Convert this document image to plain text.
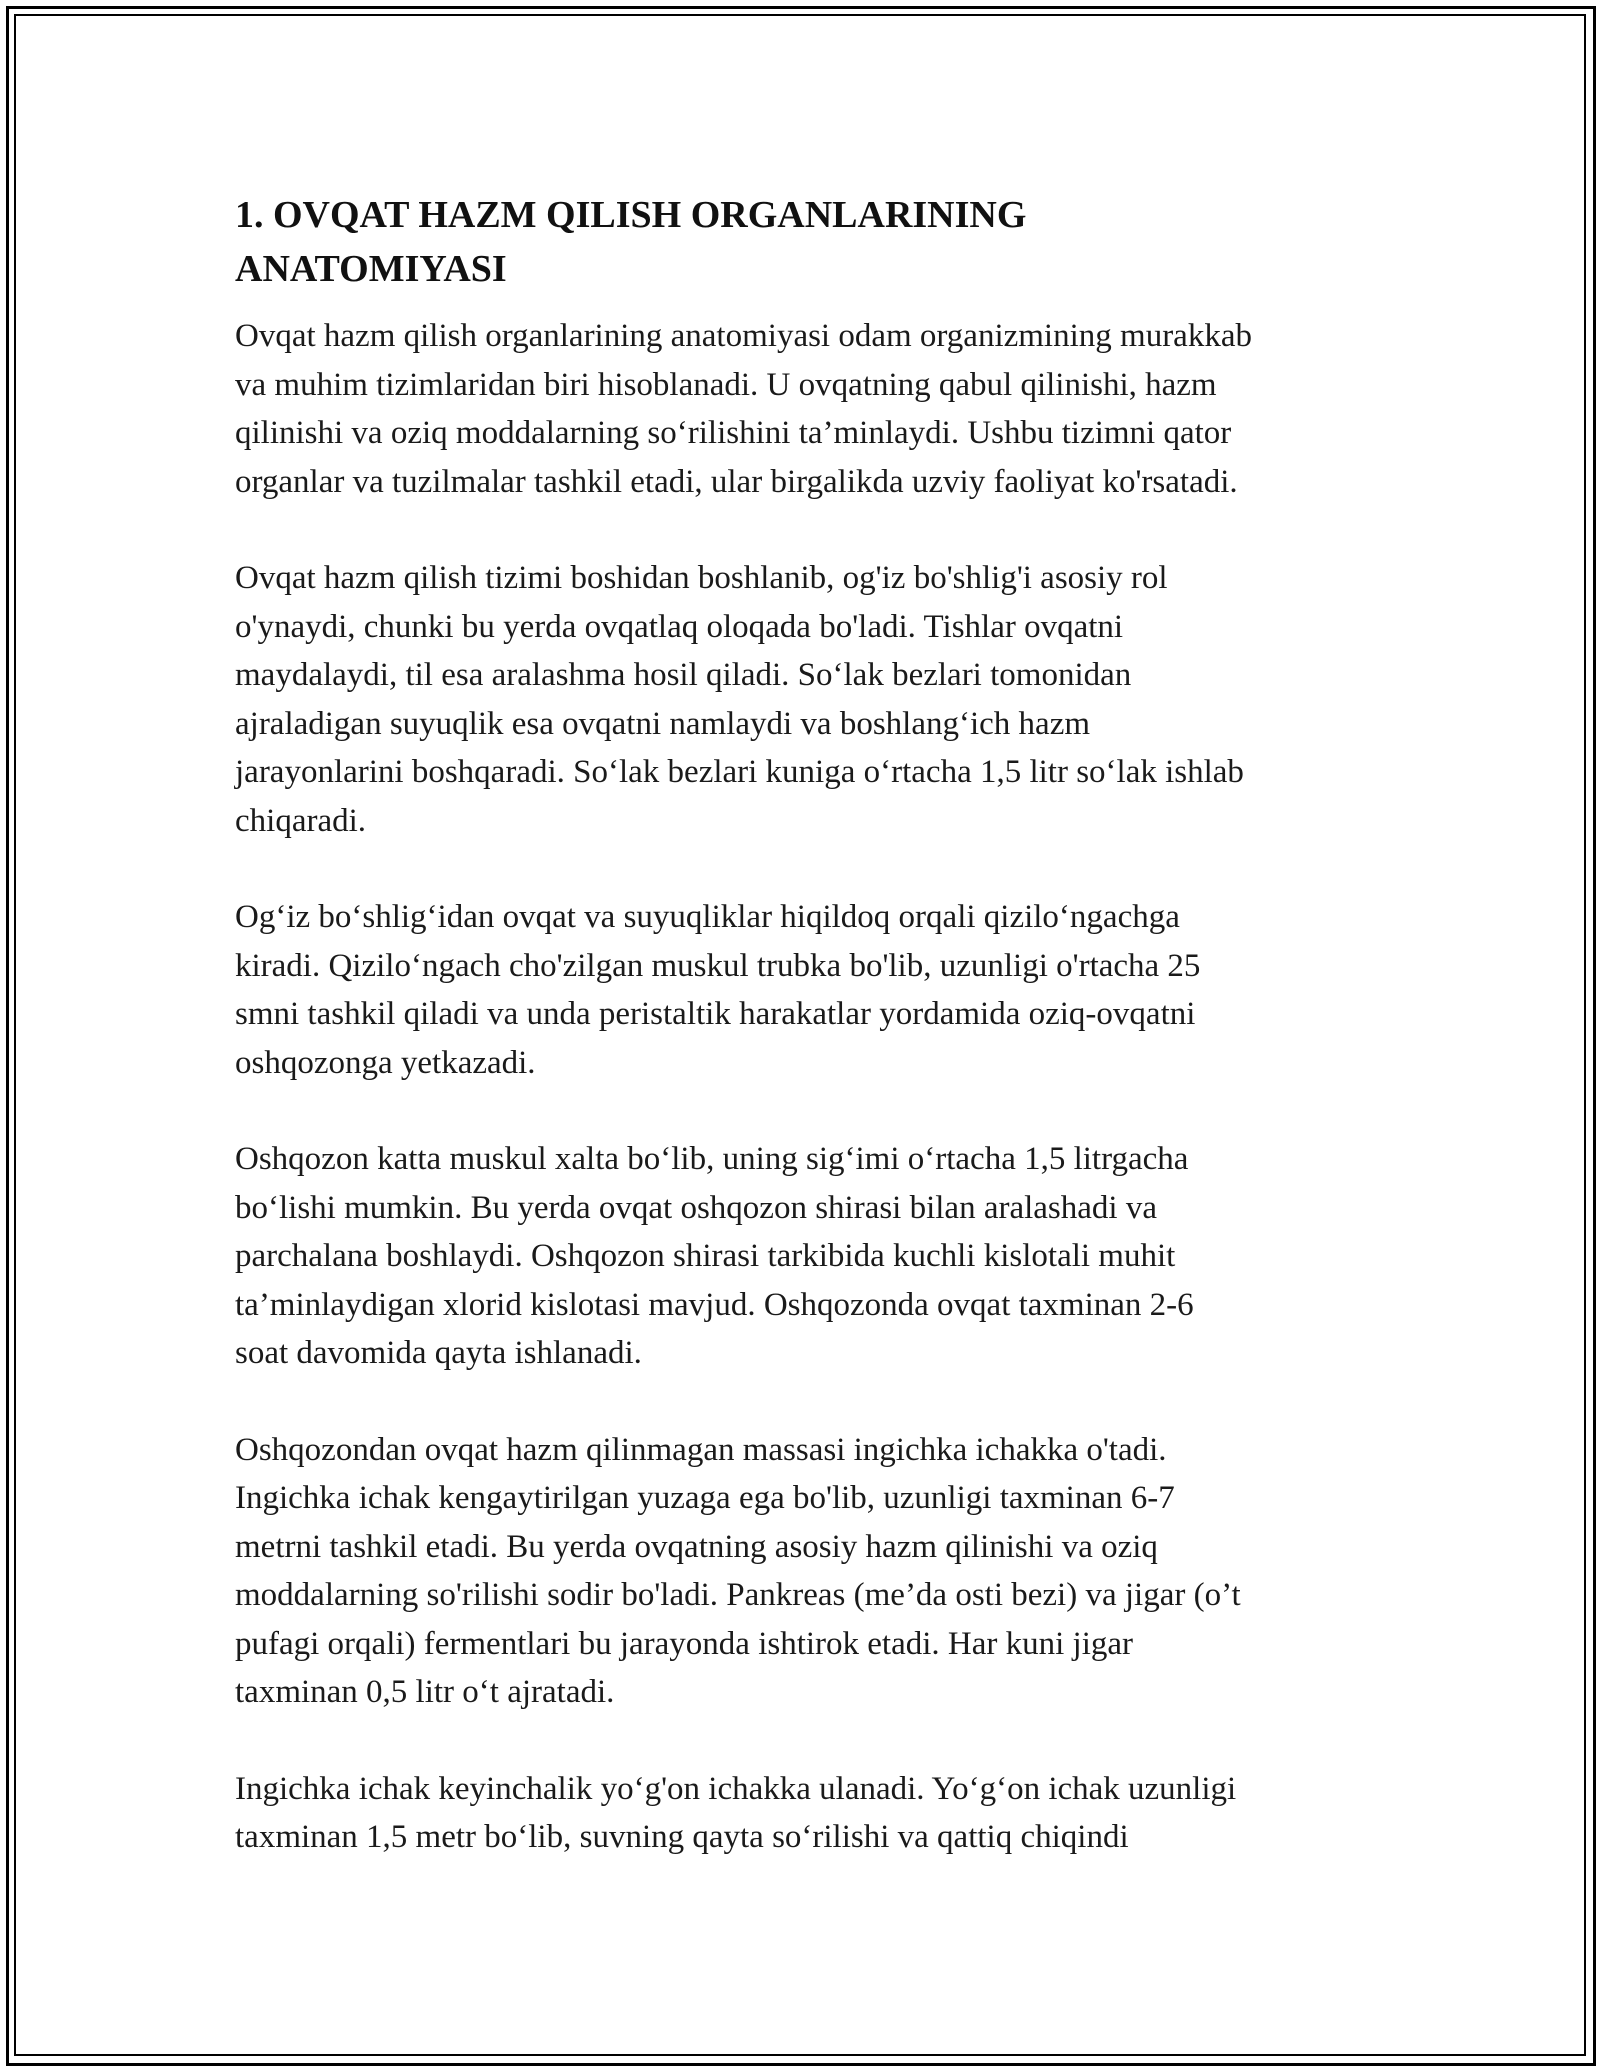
1. OVQAT HAZM QILISH ORGANLARINING
ANATOMIYASI

Ovqat hazm qilish organlarining anatomiyasi odam organizmining murakkab
va muhim tizimlaridan biri hisoblanadi. U ovqatning qabul qilinishi, hazm
qilinishi va oziq moddalarning so‘rilishini ta’minlaydi. Ushbu tizimni qator
organlar va tuzilmalar tashkil etadi, ular birgalikda uzviy faoliyat ko'rsatadi.

Ovqat hazm qilish tizimi boshidan boshlanib, og'iz bo'shlig'i asosiy rol
o'ynaydi, chunki bu yerda ovqatlaq oloqada bo'ladi. Tishlar ovqatni
maydalaydi, til esa aralashma hosil qiladi. So‘lak bezlari tomonidan
ajraladigan suyuqlik esa ovqatni namlaydi va boshlang‘ich hazm
jarayonlarini boshqaradi. So‘lak bezlari kuniga o‘rtacha 1,5 litr so‘lak ishlab
chiqaradi.

Og‘iz bo‘shlig‘idan ovqat va suyuqliklar hiqildoq orqali qizilo‘ngachga
kiradi. Qizilo‘ngach cho'zilgan muskul trubka bo'lib, uzunligi o'rtacha 25
smni tashkil qiladi va unda peristaltik harakatlar yordamida oziq-ovqatni
oshqozonga yetkazadi.

Oshqozon katta muskul xalta bo‘lib, uning sig‘imi o‘rtacha 1,5 litrgacha
bo‘lishi mumkin. Bu yerda ovqat oshqozon shirasi bilan aralashadi va
parchalana boshlaydi. Oshqozon shirasi tarkibida kuchli kislotali muhit
ta’minlaydigan xlorid kislotasi mavjud. Oshqozonda ovqat taxminan 2-6
soat davomida qayta ishlanadi.

Oshqozondan ovqat hazm qilinmagan massasi ingichka ichakka o'tadi.
Ingichka ichak kengaytirilgan yuzaga ega bo'lib, uzunligi taxminan 6-7
metrni tashkil etadi. Bu yerda ovqatning asosiy hazm qilinishi va oziq
moddalarning so'rilishi sodir bo'ladi. Pankreas (me’da osti bezi) va jigar (o’t
pufagi orqali) fermentlari bu jarayonda ishtirok etadi. Har kuni jigar
taxminan 0,5 litr o‘t ajratadi.

Ingichka ichak keyinchalik yo‘g'on ichakka ulanadi. Yo‘g‘on ichak uzunligi
taxminan 1,5 metr bo‘lib, suvning qayta so‘rilishi va qattiq chiqindi
